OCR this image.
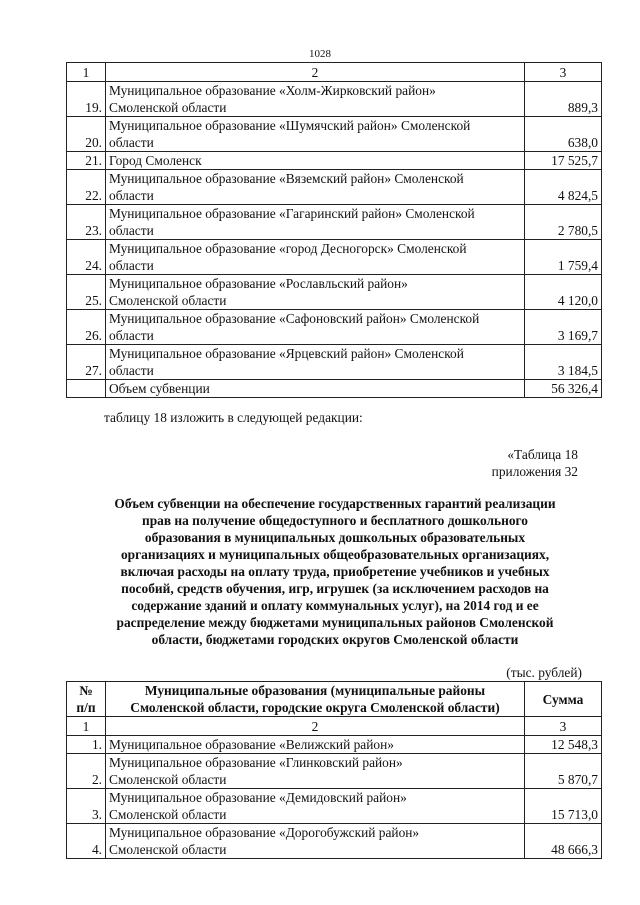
1028
1	2	3
19.	Муниципальное образование «Холм-Жирковский район»
Смоленской области	889,3
20.	Муниципальное образование «Шумячский район» Смоленской
области	638,0
21.	Город Смоленск	17 525,7
22.	Муниципальное образование «Вяземский район» Смоленской
области	4 824,5
23.	Муниципальное образование «Гагаринский район» Смоленской
области	2 780,5
24.	Муниципальное образование «город Десногорск» Смоленской
области	1 759,4
25.	Муниципальное образование «Рославльский район»
Смоленской области	4 120,0
26.	Муниципальное образование «Сафоновский район» Смоленской
области	3 169,7
27.	Муниципальное образование «Ярцевский район» Смоленской
области	3 184,5
	Объем субвенции	56 326,4
таблицу 18 изложить в следующей редакции:
«Таблица 18
приложения 32
Объем субвенции на обеспечение государственных гарантий реализации
прав на получение общедоступного и бесплатного дошкольного
образования в муниципальных дошкольных образовательных
организациях и муниципальных общеобразовательных организациях,
включая расходы на оплату труда, приобретение учебников и учебных
пособий, средств обучения, игр, игрушек (за исключением расходов на
содержание зданий и оплату коммунальных услуг), на 2014 год и ее
распределение между бюджетами муниципальных районов Смоленской
области, бюджетами городских округов Смоленской области
(тыс. рублей)
№
п/п	Муниципальные образования (муниципальные районы
Смоленской области, городские округа Смоленской области)	Сумма
1	2	3
1.	Муниципальное образование «Велижский район»	12 548,3
2.	Муниципальное образование «Глинковский район»
Смоленской области	5 870,7
3.	Муниципальное образование «Демидовский район»
Смоленской области	15 713,0
4.	Муниципальное образование «Дорогобужский район»
Смоленской области	48 666,3
